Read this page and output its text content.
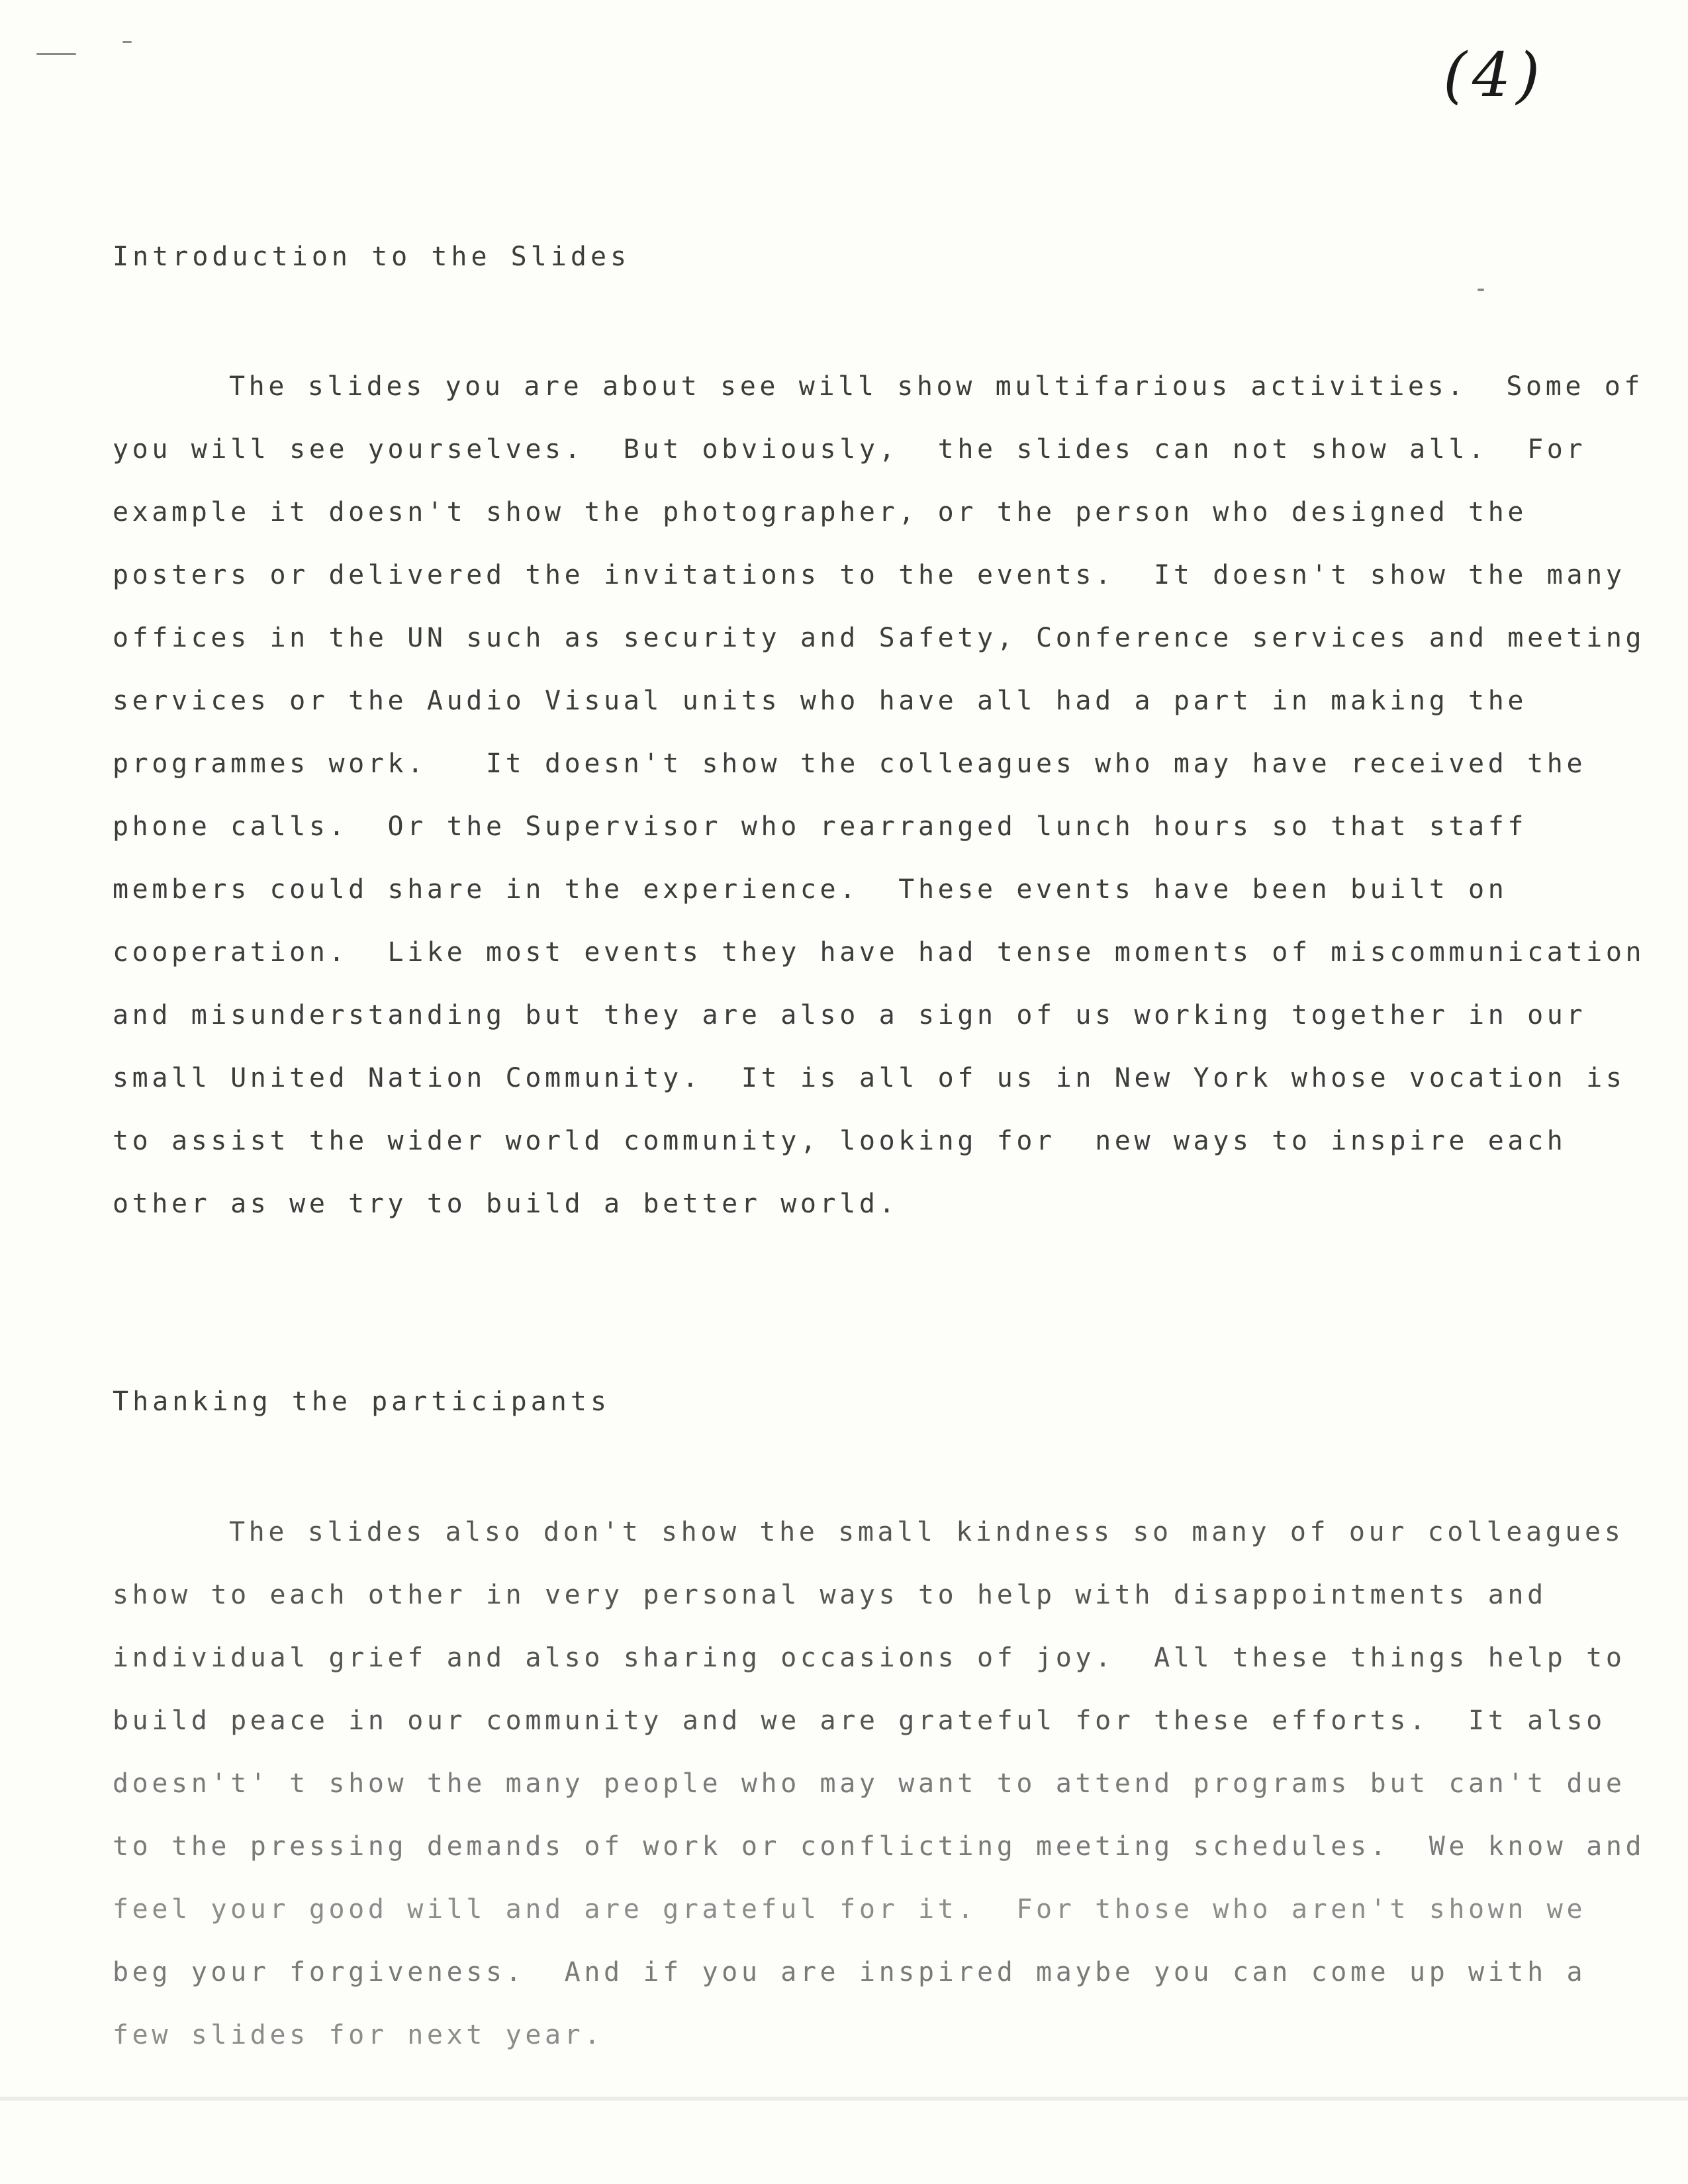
(4)
Introduction to the Slides
The slides you are about see will show multifarious activities.  Some of
you will see yourselves.  But obviously,  the slides can not show all.  For
example it doesn't show the photographer, or the person who designed the
posters or delivered the invitations to the events.  It doesn't show the many
offices in the UN such as security and Safety, Conference services and meeting
services or the Audio Visual units who have all had a part in making the
programmes work.   It doesn't show the colleagues who may have received the
phone calls.  Or the Supervisor who rearranged lunch hours so that staff
members could share in the experience.  These events have been built on
cooperation.  Like most events they have had tense moments of miscommunication
and misunderstanding but they are also a sign of us working together in our
small United Nation Community.  It is all of us in New York whose vocation is
to assist the wider world community, looking for  new ways to inspire each
other as we try to build a better world.
Thanking the participants
The slides also don't show the small kindness so many of our colleagues
show to each other in very personal ways to help with disappointments and
individual grief and also sharing occasions of joy.  All these things help to
build peace in our community and we are grateful for these efforts.  It also
doesn't' t show the many people who may want to attend programs but can't due
to the pressing demands of work or conflicting meeting schedules.  We know and
feel your good will and are grateful for it.  For those who aren't shown we
beg your forgiveness.  And if you are inspired maybe you can come up with a
few slides for next year.
